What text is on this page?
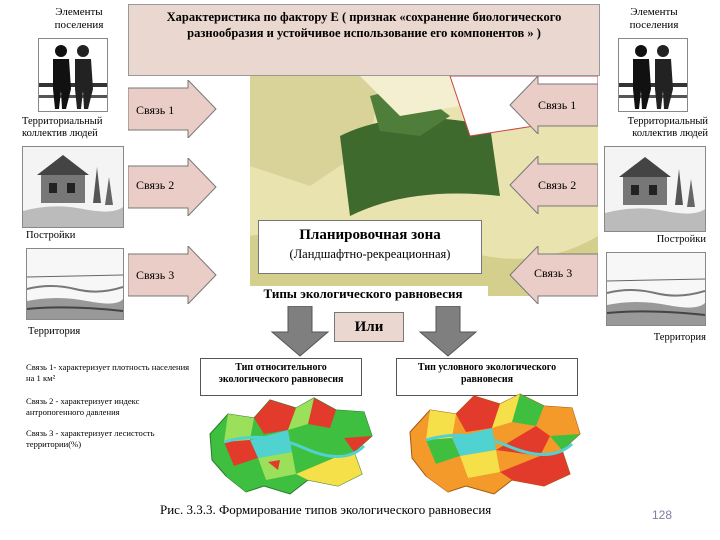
Элементы поселения
Территориальный коллектив людей
Постройки
Территория
Элементы поселения
Территориальный коллектив людей
Постройки
Территория
Характеристика по фактору Е ( признак «сохранение биологического разнообразия и устойчивое использование его компонентов » )
Связь 1
Связь 2
Связь 3
Связь 1
Связь 2
Связь 3
Планировочная зона
(Ландшафтно-рекреационная)
Типы экологического равновесия
Или
Тип относительного экологического равновесия
Тип условного экологического равновесия
Связь 1- характеризует плотность населения на 1 км²
Связь 2 - характеризует индекс антропогенного давления
Связь 3 - характеризует лесистость территории(%)
Рис. 3.3.3. Формирование типов экологического равновесия	128
